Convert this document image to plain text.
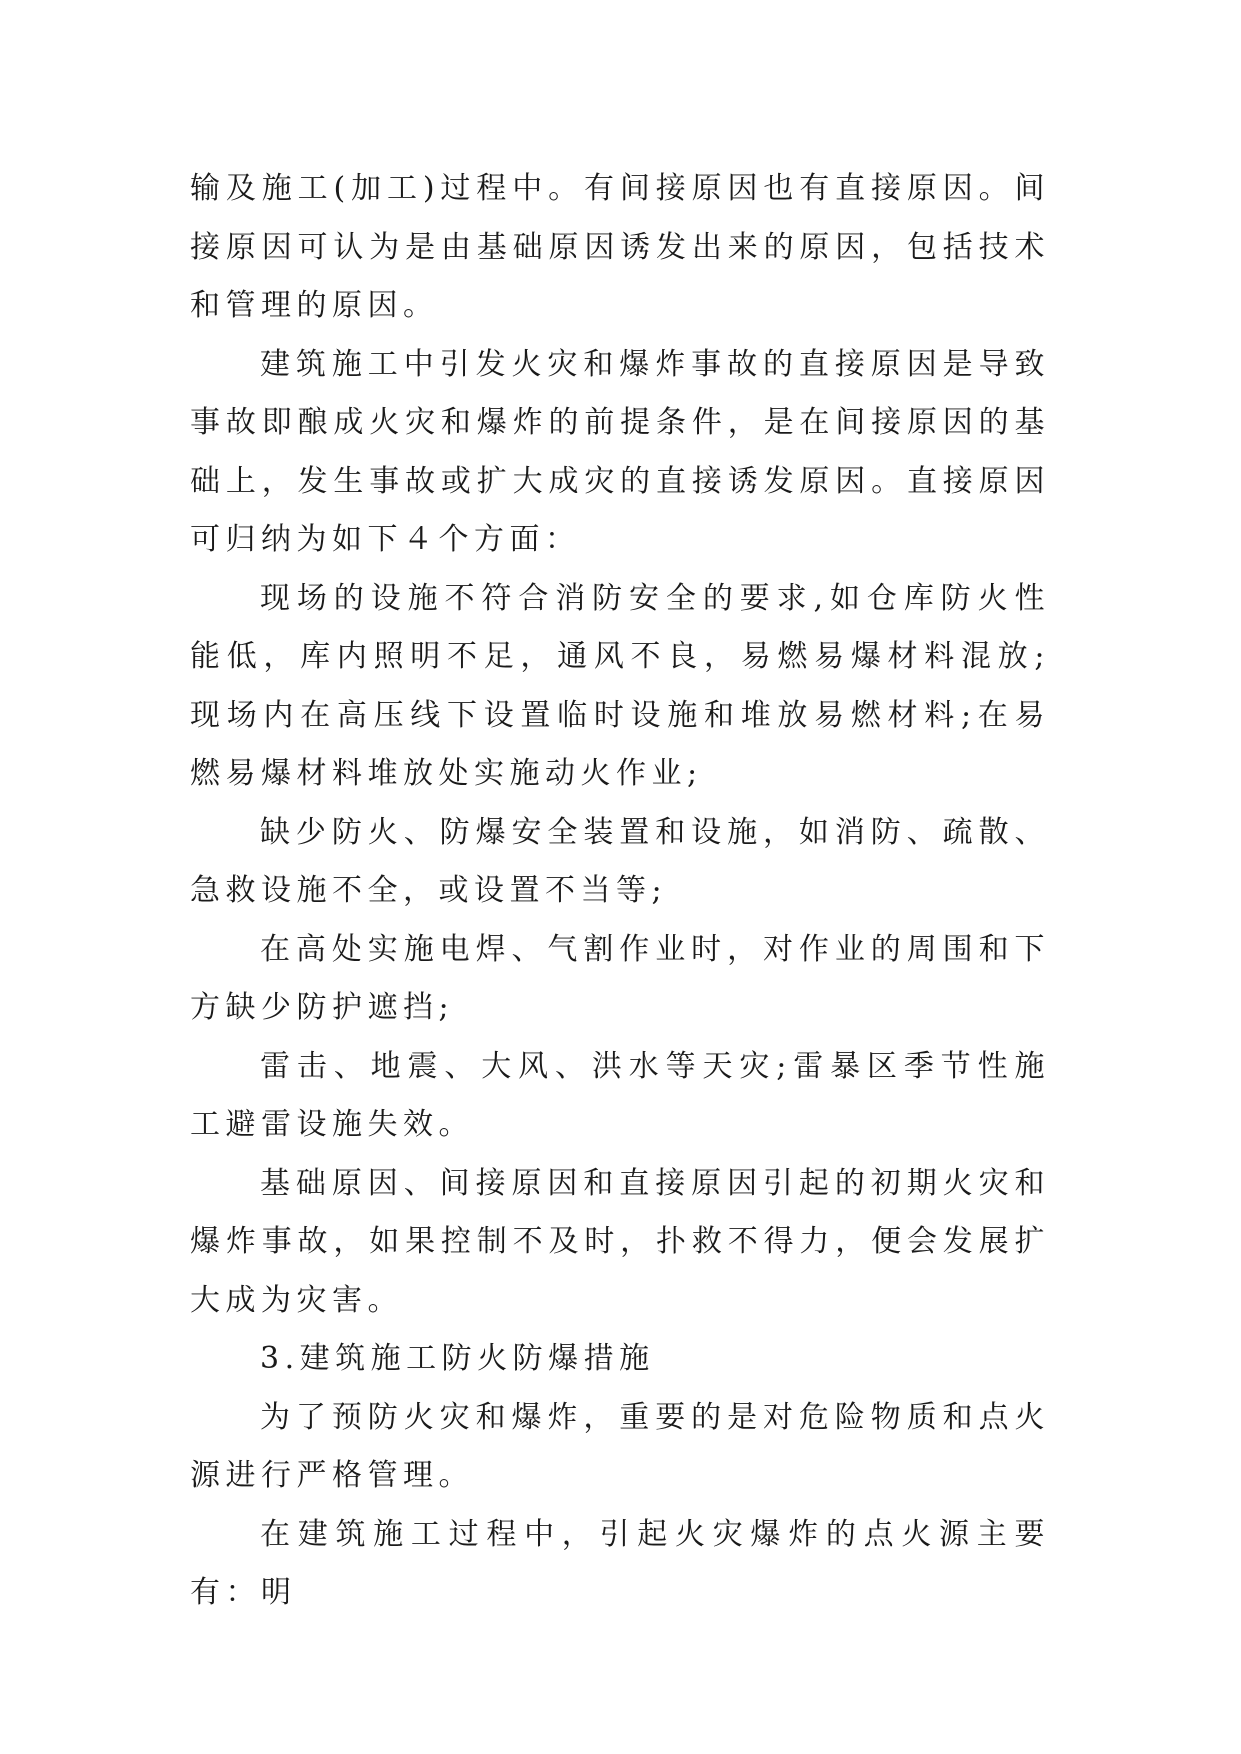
输及施工(加工)过程中。有间接原因也有直接原因。间接原因可认为是由基础原因诱发出来的原因，包括技术和管理的原因。

建筑施工中引发火灾和爆炸事故的直接原因是导致事故即酿成火灾和爆炸的前提条件，是在间接原因的基础上，发生事故或扩大成灾的直接诱发原因。直接原因可归纳为如下４个方面：

现场的设施不符合消防安全的要求,如仓库防火性能低，库内照明不足，通风不良，易燃易爆材料混放;现场内在高压线下设置临时设施和堆放易燃材料;在易燃易爆材料堆放处实施动火作业;

缺少防火、防爆安全装置和设施，如消防、疏散、急救设施不全，或设置不当等;

在高处实施电焊、气割作业时，对作业的周围和下方缺少防护遮挡;

雷击、地震、大风、洪水等天灾;雷暴区季节性施工避雷设施失效。

基础原因、间接原因和直接原因引起的初期火灾和爆炸事故，如果控制不及时，扑救不得力，便会发展扩大成为灾害。

3.建筑施工防火防爆措施

为了预防火灾和爆炸，重要的是对危险物质和点火源进行严格管理。

在建筑施工过程中，引起火灾爆炸的点火源主要有：明
